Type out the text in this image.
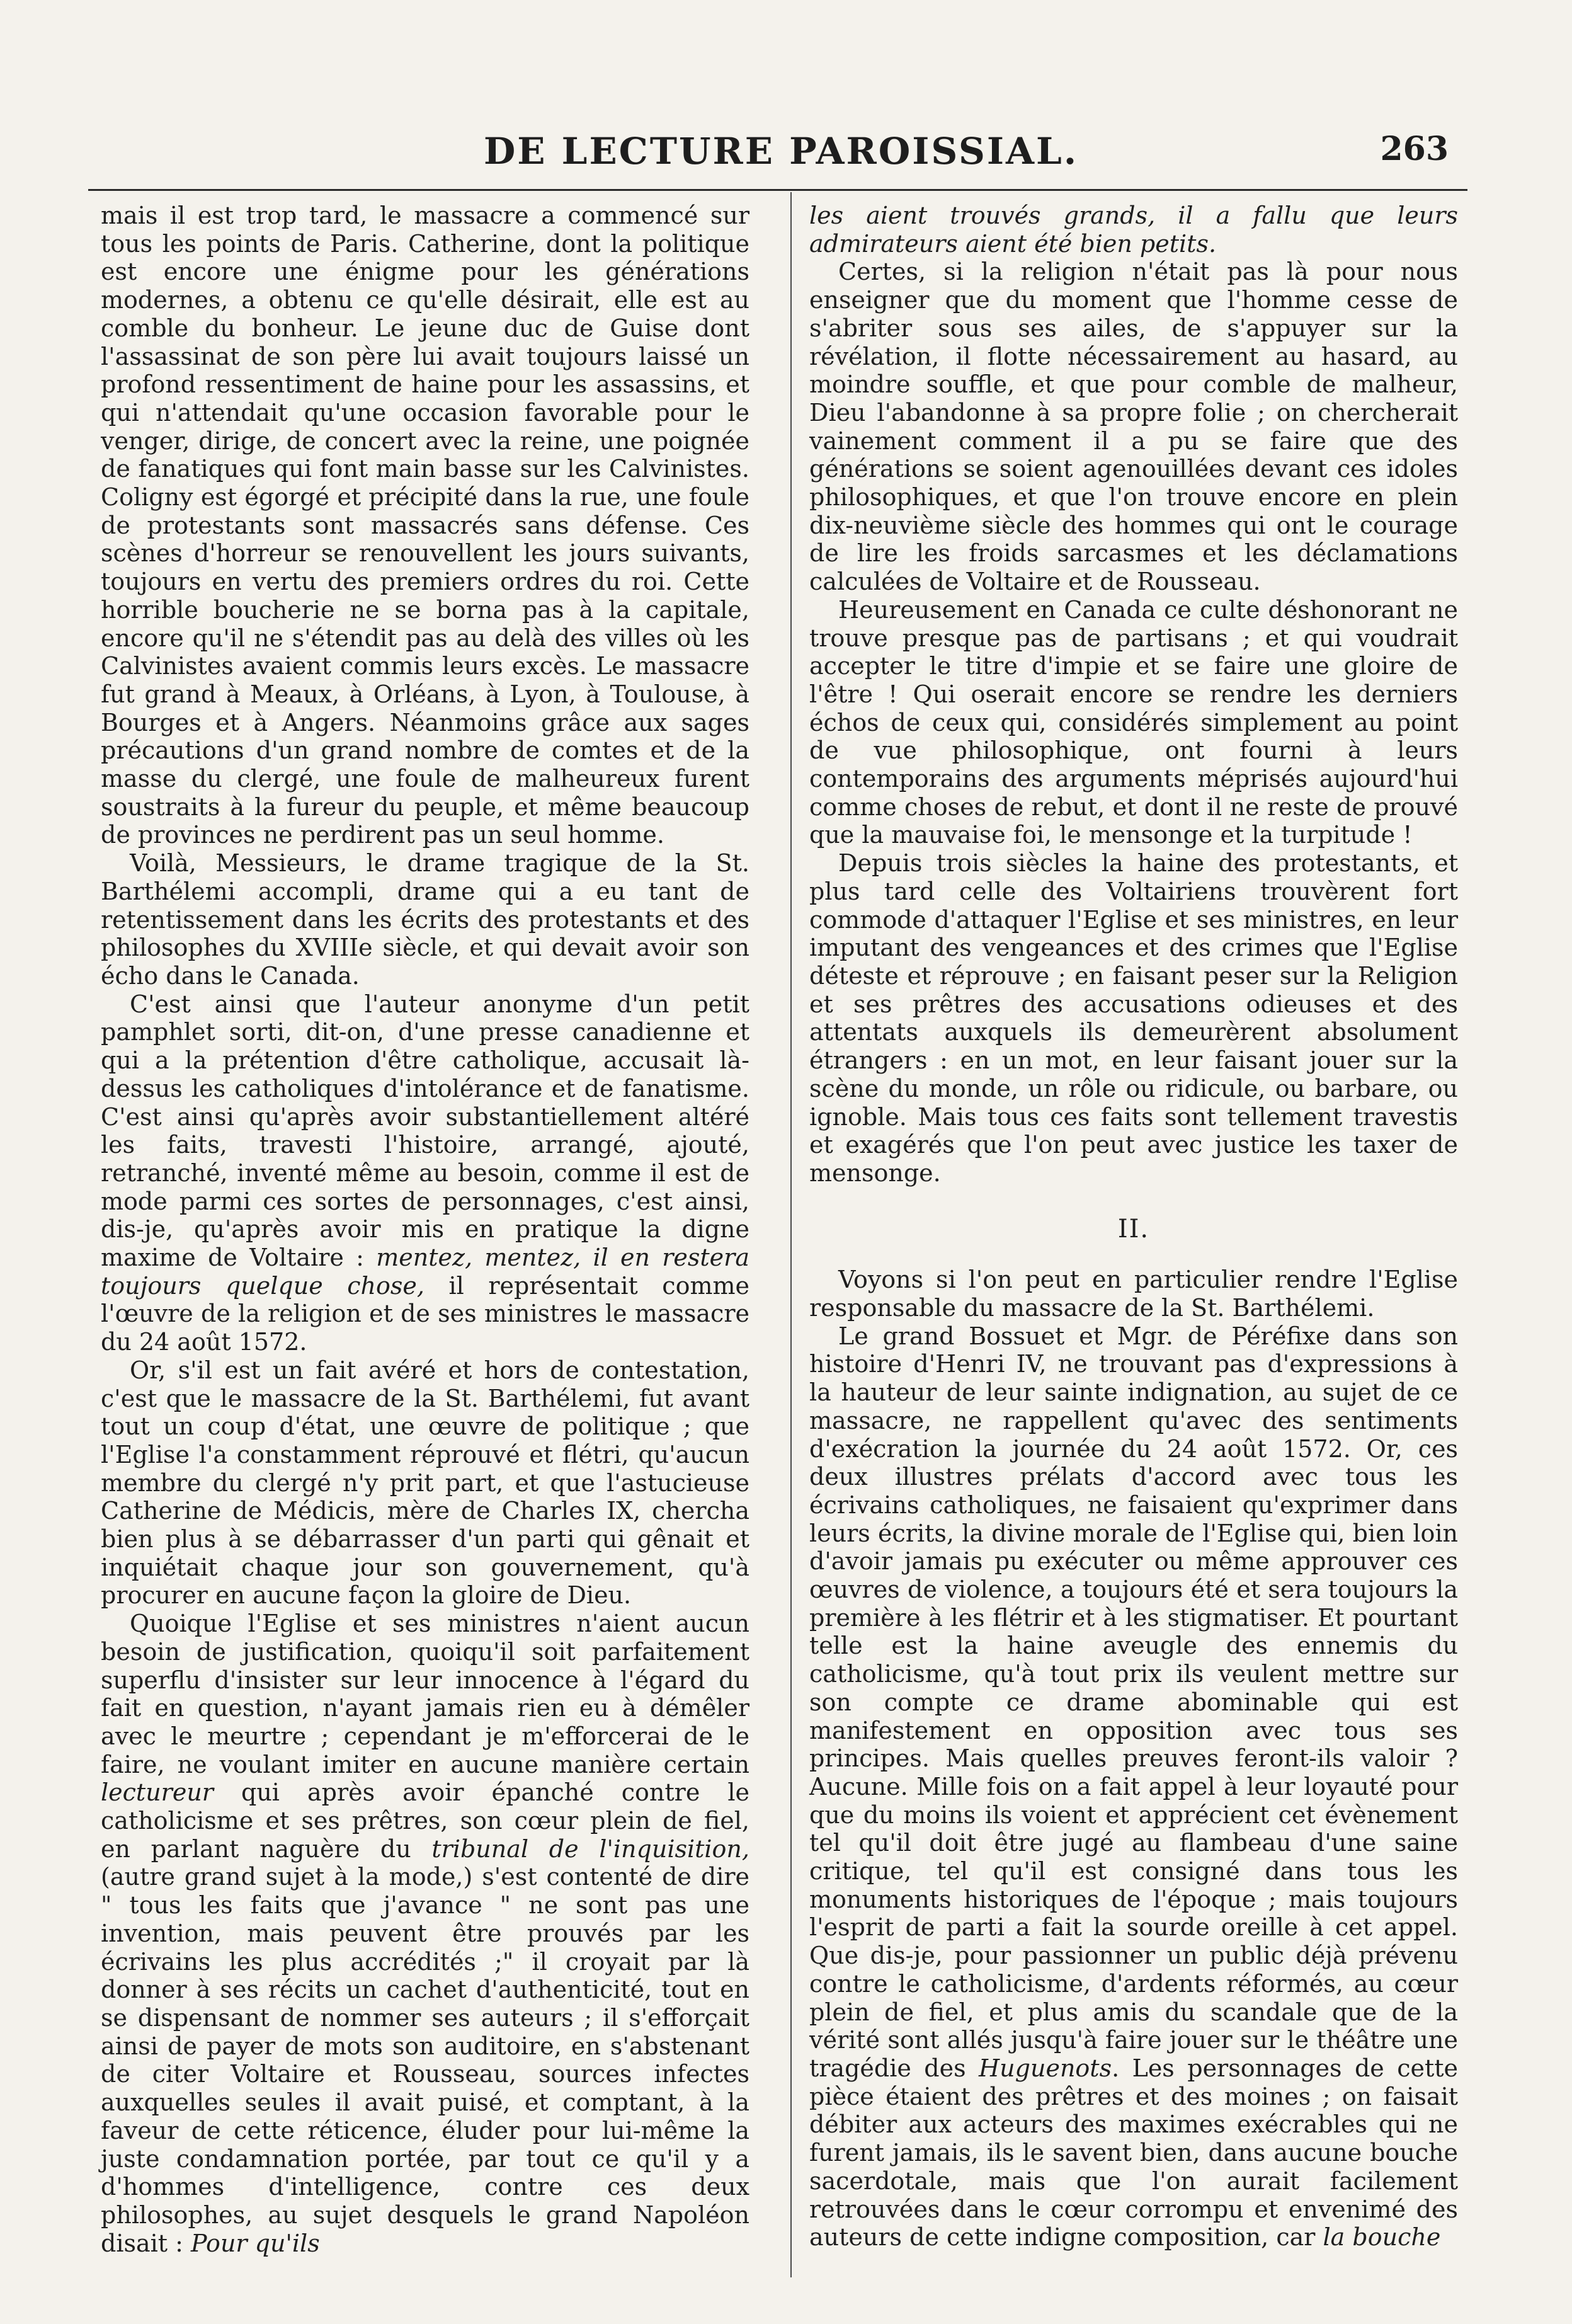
DE LECTURE PAROISSIAL.	263

mais il est trop tard, le massacre a commencé sur tous les points de Paris. Catherine, dont la politique est encore une énigme pour les générations modernes, a obtenu ce qu'elle désirait, elle est au comble du bonheur. Le jeune duc de Guise dont l'assassinat de son père lui avait toujours laissé un profond ressentiment de haine pour les assassins, et qui n'attendait qu'une occasion favorable pour le venger, dirige, de concert avec la reine, une poignée de fanatiques qui font main basse sur les Calvinistes. Coligny est égorgé et précipité dans la rue, une foule de protestants sont massacrés sans défense. Ces scènes d'horreur se renouvellent les jours suivants, toujours en vertu des premiers ordres du roi. Cette horrible boucherie ne se borna pas à la capitale, encore qu'il ne s'étendit pas au delà des villes où les Calvinistes avaient commis leurs excès. Le massacre fut grand à Meaux, à Orléans, à Lyon, à Toulouse, à Bourges et à Angers. Néanmoins grâce aux sages précautions d'un grand nombre de comtes et de la masse du clergé, une foule de malheureux furent soustraits à la fureur du peuple, et même beaucoup de provinces ne perdirent pas un seul homme.

Voilà, Messieurs, le drame tragique de la St. Barthélemi accompli, drame qui a eu tant de retentissement dans les écrits des protestants et des philosophes du XVIIIe siècle, et qui devait avoir son écho dans le Canada.

C'est ainsi que l'auteur anonyme d'un petit pamphlet sorti, dit-on, d'une presse canadienne et qui a la prétention d'être catholique, accusait là-dessus les catholiques d'intolérance et de fanatisme. C'est ainsi qu'après avoir substantiellement altéré les faits, travesti l'histoire, arrangé, ajouté, retranché, inventé même au besoin, comme il est de mode parmi ces sortes de personnages, c'est ainsi, dis-je, qu'après avoir mis en pratique la digne maxime de Voltaire : mentez, mentez, il en restera toujours quelque chose, il représentait comme l'œuvre de la religion et de ses ministres le massacre du 24 août 1572.

Or, s'il est un fait avéré et hors de contestation, c'est que le massacre de la St. Barthélemi, fut avant tout un coup d'état, une œuvre de politique ; que l'Eglise l'a constamment réprouvé et flétri, qu'aucun membre du clergé n'y prit part, et que l'astucieuse Catherine de Médicis, mère de Charles IX, chercha bien plus à se débarrasser d'un parti qui gênait et inquiétait chaque jour son gouvernement, qu'à procurer en aucune façon la gloire de Dieu.

Quoique l'Eglise et ses ministres n'aient aucun besoin de justification, quoiqu'il soit parfaitement superflu d'insister sur leur innocence à l'égard du fait en question, n'ayant jamais rien eu à démêler avec le meurtre ; cependant je m'efforcerai de le faire, ne voulant imiter en aucune manière certain lectureur qui après avoir épanché contre le catholicisme et ses prêtres, son cœur plein de fiel, en parlant naguère du tribunal de l'inquisition, (autre grand sujet à la mode,) s'est contenté de dire " tous les faits que j'avance " ne sont pas une invention, mais peuvent être prouvés par les écrivains les plus accrédités ;" il croyait par là donner à ses récits un cachet d'authenticité, tout en se dispensant de nommer ses auteurs ; il s'efforçait ainsi de payer de mots son auditoire, en s'abstenant de citer Voltaire et Rousseau, sources infectes auxquelles seules il avait puisé, et comptant, à la faveur de cette réticence, éluder pour lui-même la juste condamnation portée, par tout ce qu'il y a d'hommes d'intelligence, contre ces deux philosophes, au sujet desquels le grand Napoléon disait : Pour qu'ils

les aient trouvés grands, il a fallu que leurs admirateurs aient été bien petits.

Certes, si la religion n'était pas là pour nous enseigner que du moment que l'homme cesse de s'abriter sous ses ailes, de s'appuyer sur la révélation, il flotte nécessairement au hasard, au moindre souffle, et que pour comble de malheur, Dieu l'abandonne à sa propre folie ; on chercherait vainement comment il a pu se faire que des générations se soient agenouillées devant ces idoles philosophiques, et que l'on trouve encore en plein dix-neuvième siècle des hommes qui ont le courage de lire les froids sarcasmes et les déclamations calculées de Voltaire et de Rousseau.

Heureusement en Canada ce culte déshonorant ne trouve presque pas de partisans ; et qui voudrait accepter le titre d'impie et se faire une gloire de l'être ! Qui oserait encore se rendre les derniers échos de ceux qui, considérés simplement au point de vue philosophique, ont fourni à leurs contemporains des arguments méprisés aujourd'hui comme choses de rebut, et dont il ne reste de prouvé que la mauvaise foi, le mensonge et la turpitude !

Depuis trois siècles la haine des protestants, et plus tard celle des Voltairiens trouvèrent fort commode d'attaquer l'Eglise et ses ministres, en leur imputant des vengeances et des crimes que l'Eglise déteste et réprouve ; en faisant peser sur la Religion et ses prêtres des accusations odieuses et des attentats auxquels ils demeurèrent absolument étrangers : en un mot, en leur faisant jouer sur la scène du monde, un rôle ou ridicule, ou barbare, ou ignoble. Mais tous ces faits sont tellement travestis et exagérés que l'on peut avec justice les taxer de mensonge.

II.

Voyons si l'on peut en particulier rendre l'Eglise responsable du massacre de la St. Barthélemi.

Le grand Bossuet et Mgr. de Péréfixe dans son histoire d'Henri IV, ne trouvant pas d'expressions à la hauteur de leur sainte indignation, au sujet de ce massacre, ne rappellent qu'avec des sentiments d'exécration la journée du 24 août 1572. Or, ces deux illustres prélats d'accord avec tous les écrivains catholiques, ne faisaient qu'exprimer dans leurs écrits, la divine morale de l'Eglise qui, bien loin d'avoir jamais pu exécuter ou même approuver ces œuvres de violence, a toujours été et sera toujours la première à les flétrir et à les stigmatiser. Et pourtant telle est la haine aveugle des ennemis du catholicisme, qu'à tout prix ils veulent mettre sur son compte ce drame abominable qui est manifestement en opposition avec tous ses principes. Mais quelles preuves feront-ils valoir ? Aucune. Mille fois on a fait appel à leur loyauté pour que du moins ils voient et apprécient cet évènement tel qu'il doit être jugé au flambeau d'une saine critique, tel qu'il est consigné dans tous les monuments historiques de l'époque ; mais toujours l'esprit de parti a fait la sourde oreille à cet appel. Que dis-je, pour passionner un public déjà prévenu contre le catholicisme, d'ardents réformés, au cœur plein de fiel, et plus amis du scandale que de la vérité sont allés jusqu'à faire jouer sur le théâtre une tragédie des Huguenots. Les personnages de cette pièce étaient des prêtres et des moines ; on faisait débiter aux acteurs des maximes exécrables qui ne furent jamais, ils le savent bien, dans aucune bouche sacerdotale, mais que l'on aurait facilement retrouvées dans le cœur corrompu et envenimé des auteurs de cette indigne composition, car la bouche
